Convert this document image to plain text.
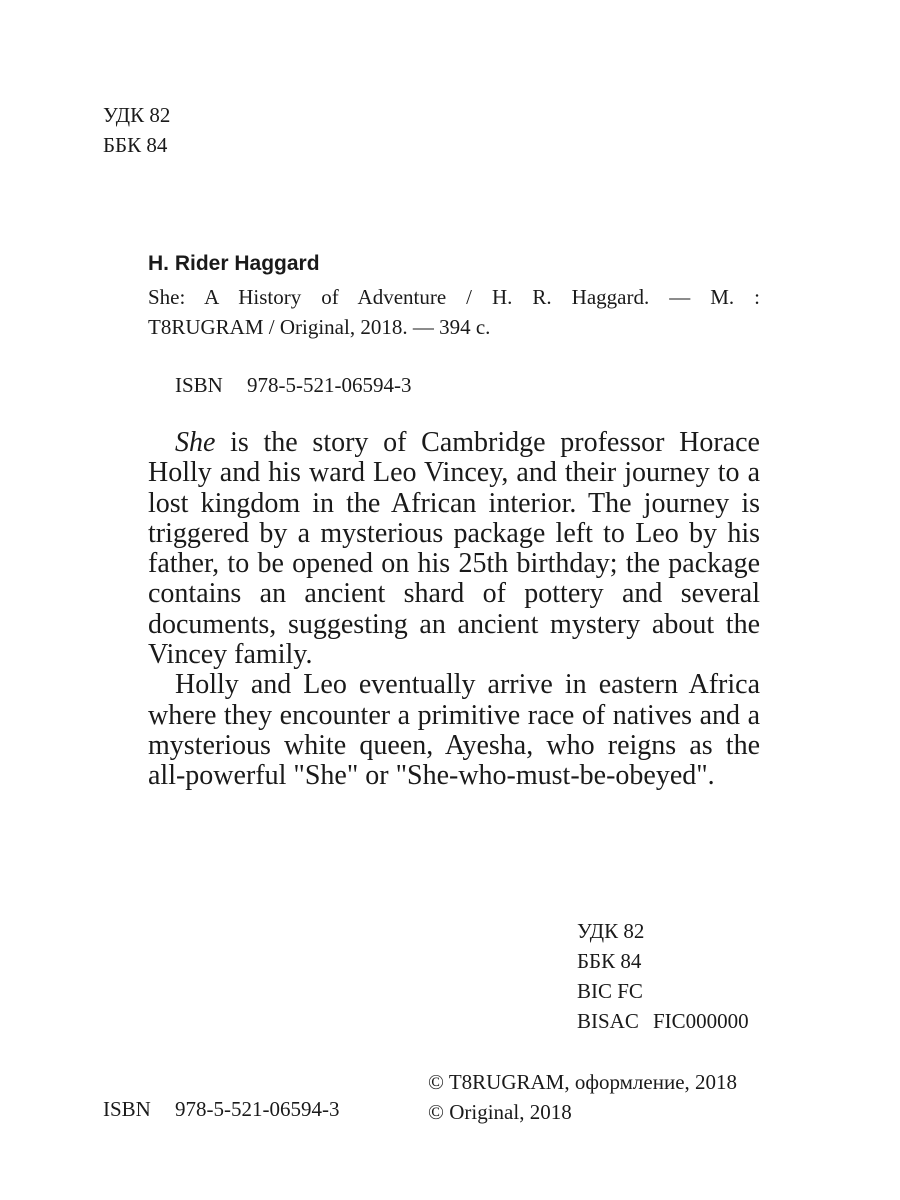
УДК 82
ББК 84
H. Rider Haggard
She: A History of Adventure / H. R. Haggard. — M. :
T8RUGRAM / Original, 2018. — 394 с.
ISBN 978-5-521-06594-3

She is the story of Cambridge professor Horace Holly and his ward Leo Vincey, and their journey to a lost kingdom in the African interior. The journey is triggered by a mysterious package left to Leo by his father, to be opened on his 25th birthday; the package contains an ancient shard of pottery and several documents, suggesting an ancient mystery about the Vincey family.

Holly and Leo eventually arrive in eastern Africa where they encounter a primitive race of natives and a mysterious white queen, Ayesha, who reigns as the all-powerful "She" or "She-who-must-be-obeyed".

УДК 82
ББК 84
BIC FC
BISAC FIC000000
© T8RUGRAM, оформление, 2018
© Original, 2018
ISBN 978-5-521-06594-3
